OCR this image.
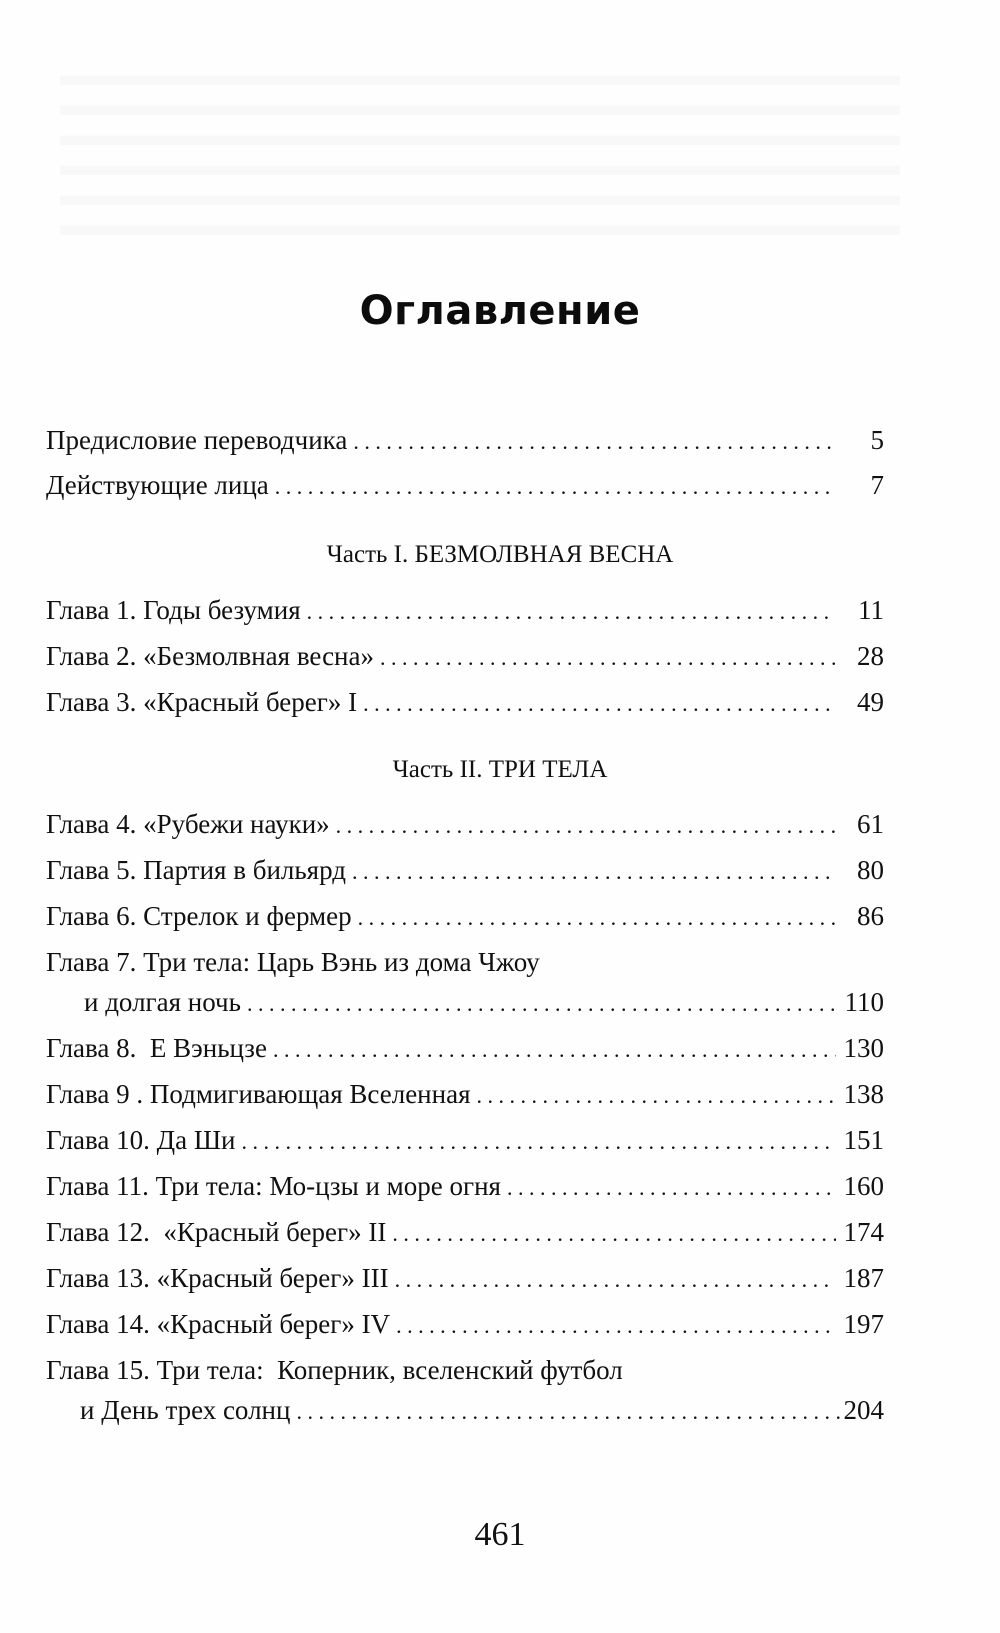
Оглавление
Предисловие переводчика . . .	5
Действующие лица . . .	7
Часть I. БЕЗМОЛВНАЯ ВЕСНА
Глава 1. Годы безумия . . .	11
Глава 2. «Безмолвная весна» . . .	28
Глава 3. «Красный берег» I . . .	49
Часть II. ТРИ ТЕЛА
Глава 4. «Рубежи науки» . . .	61
Глава 5. Партия в бильярд . . .	80
Глава 6. Стрелок и фермер . . .	86
Глава 7. Три тела: Царь Вэнь из дома Чжоу
и долгая ночь . . .	110
Глава 8.  Е Вэньцзе . . .	130
Глава 9 . Подмигивающая Вселенная . . .	138
Глава 10. Да Ши . . .	151
Глава 11. Три тела: Мо-цзы и море огня . . .	160
Глава 12.  «Красный берег» II . . .	174
Глава 13. «Красный берег» III . . .	187
Глава 14. «Красный берег» IV . . .	197
Глава 15. Три тела:  Коперник, вселенский футбол
и День трех солнц . . .	204
461
